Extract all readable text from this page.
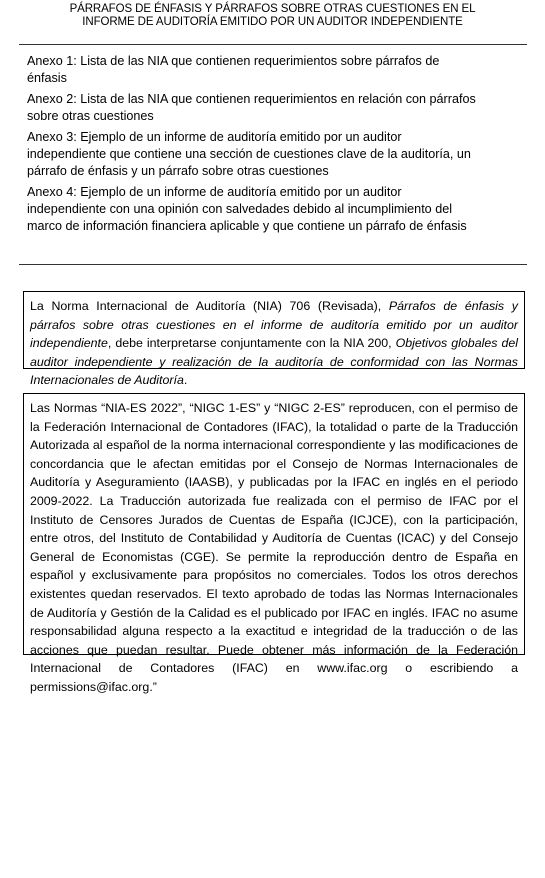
PÁRRAFOS DE ÉNFASIS Y PÁRRAFOS SOBRE OTRAS CUESTIONES EN EL
INFORME DE AUDITORÍA EMITIDO POR UN AUDITOR INDEPENDIENTE
Anexo 1: Lista de las NIA que contienen requerimientos sobre párrafos de énfasis
Anexo 2: Lista de las NIA que contienen requerimientos en relación con párrafos sobre otras cuestiones
Anexo 3: Ejemplo de un informe de auditoría emitido por un auditor independiente que contiene una sección de cuestiones clave de la auditoría, un párrafo de énfasis y un párrafo sobre otras cuestiones
Anexo 4: Ejemplo de un informe de auditoría emitido por un auditor independiente con una opinión con salvedades debido al incumplimiento del marco de información financiera aplicable y que contiene un párrafo de énfasis
La Norma Internacional de Auditoría (NIA) 706 (Revisada), Párrafos de énfasis y párrafos sobre otras cuestiones en el informe de auditoría emitido por un auditor independiente, debe interpretarse conjuntamente con la NIA 200, Objetivos globales del auditor independiente y realización de la auditoría de conformidad con las Normas Internacionales de Auditoría.
Las Normas “NIA-ES 2022”, “NIGC 1-ES” y “NIGC 2-ES” reproducen, con el permiso de la Federación Internacional de Contadores (IFAC), la totalidad o parte de la Traducción Autorizada al español de la norma internacional correspondiente y las modificaciones de concordancia que le afectan emitidas por el Consejo de Normas Internacionales de Auditoría y Aseguramiento (IAASB), y publicadas por la IFAC en inglés en el periodo 2009-2022. La Traducción autorizada fue realizada con el permiso de IFAC por el Instituto de Censores Jurados de Cuentas de España (ICJCE), con la participación, entre otros, del Instituto de Contabilidad y Auditoría de Cuentas (ICAC) y del Consejo General de Economistas (CGE). Se permite la reproducción dentro de España en español y exclusivamente para propósitos no comerciales. Todos los otros derechos existentes quedan reservados. El texto aprobado de todas las Normas Internacionales de Auditoría y Gestión de la Calidad es el publicado por IFAC en inglés. IFAC no asume responsabilidad alguna respecto a la exactitud e integridad de la traducción o de las acciones que puedan resultar. Puede obtener más información de la Federación Internacional de Contadores (IFAC) en www.ifac.org o escribiendo a permissions@ifac.org.”
